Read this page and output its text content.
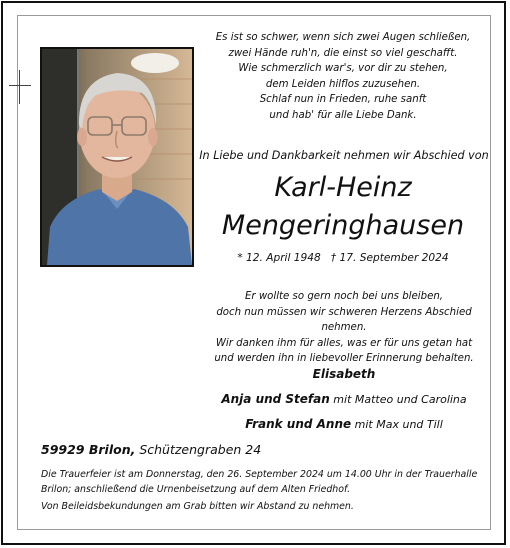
Es ist so schwer, wenn sich zwei Augen schließen,
zwei Hände ruh'n, die einst so viel geschafft.
Wie schmerzlich war's, vor dir zu stehen,
dem Leiden hilflos zuzusehen.
Schlaf nun in Frieden, ruhe sanft
und hab' für alle Liebe Dank.
In Liebe und Dankbarkeit nehmen wir Abschied von
Karl-Heinz
Mengeringhausen
* 12. April 1948   † 17. September 2024
Er wollte so gern noch bei uns bleiben,
doch nun müssen wir schweren Herzens Abschied nehmen.
Wir danken ihm für alles, was er für uns getan hat
und werden ihn in liebevoller Erinnerung behalten.
Elisabeth
Anja und Stefan mit Matteo und Carolina
Frank und Anne mit Max und Till
59929 Brilon, Schützengraben 24
Die Trauerfeier ist am Donnerstag, den 26. September 2024 um 14.00 Uhr in der Trauerhalle Brilon; anschließend die Urnenbeisetzung auf dem Alten Friedhof.
Von Beileidsbekundungen am Grab bitten wir Abstand zu nehmen.
